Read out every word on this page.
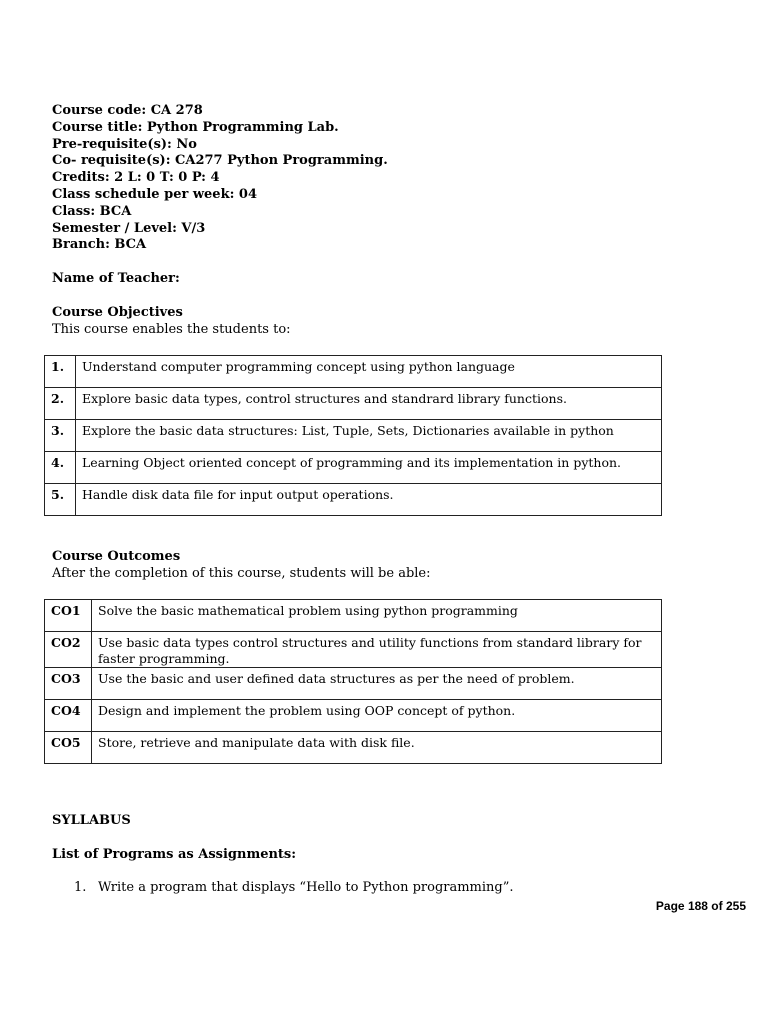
Course code: CA 278
Course title: Python Programming Lab.
Pre-requisite(s): No
Co- requisite(s): CA277 Python Programming.
Credits: 2 L: 0 T: 0 P: 4
Class schedule per week: 04
Class: BCA
Semester / Level: V/3
Branch: BCA
Name of Teacher:
Course Objectives
This course enables the students to:
1.	Understand computer programming concept using python language
2.	Explore basic data types, control structures and standrard library functions.
3.	Explore the basic data structures: List, Tuple, Sets, Dictionaries available in python
4.	Learning Object oriented concept of programming and its implementation in python.
5.	Handle disk data file for input output operations.
Course Outcomes
After the completion of this course, students will be able:
CO1	Solve the basic mathematical problem using python programming
CO2	Use basic data types control structures and utility functions from standard library for faster programming.
CO3	Use the basic and user defined data structures as per the need of problem.
CO4	Design and implement the problem using OOP concept of python.
CO5	Store, retrieve and manipulate data with disk file.
SYLLABUS
List of Programs as Assignments:
1. Write a program that displays “Hello to Python programming”.
Page 188 of 255
